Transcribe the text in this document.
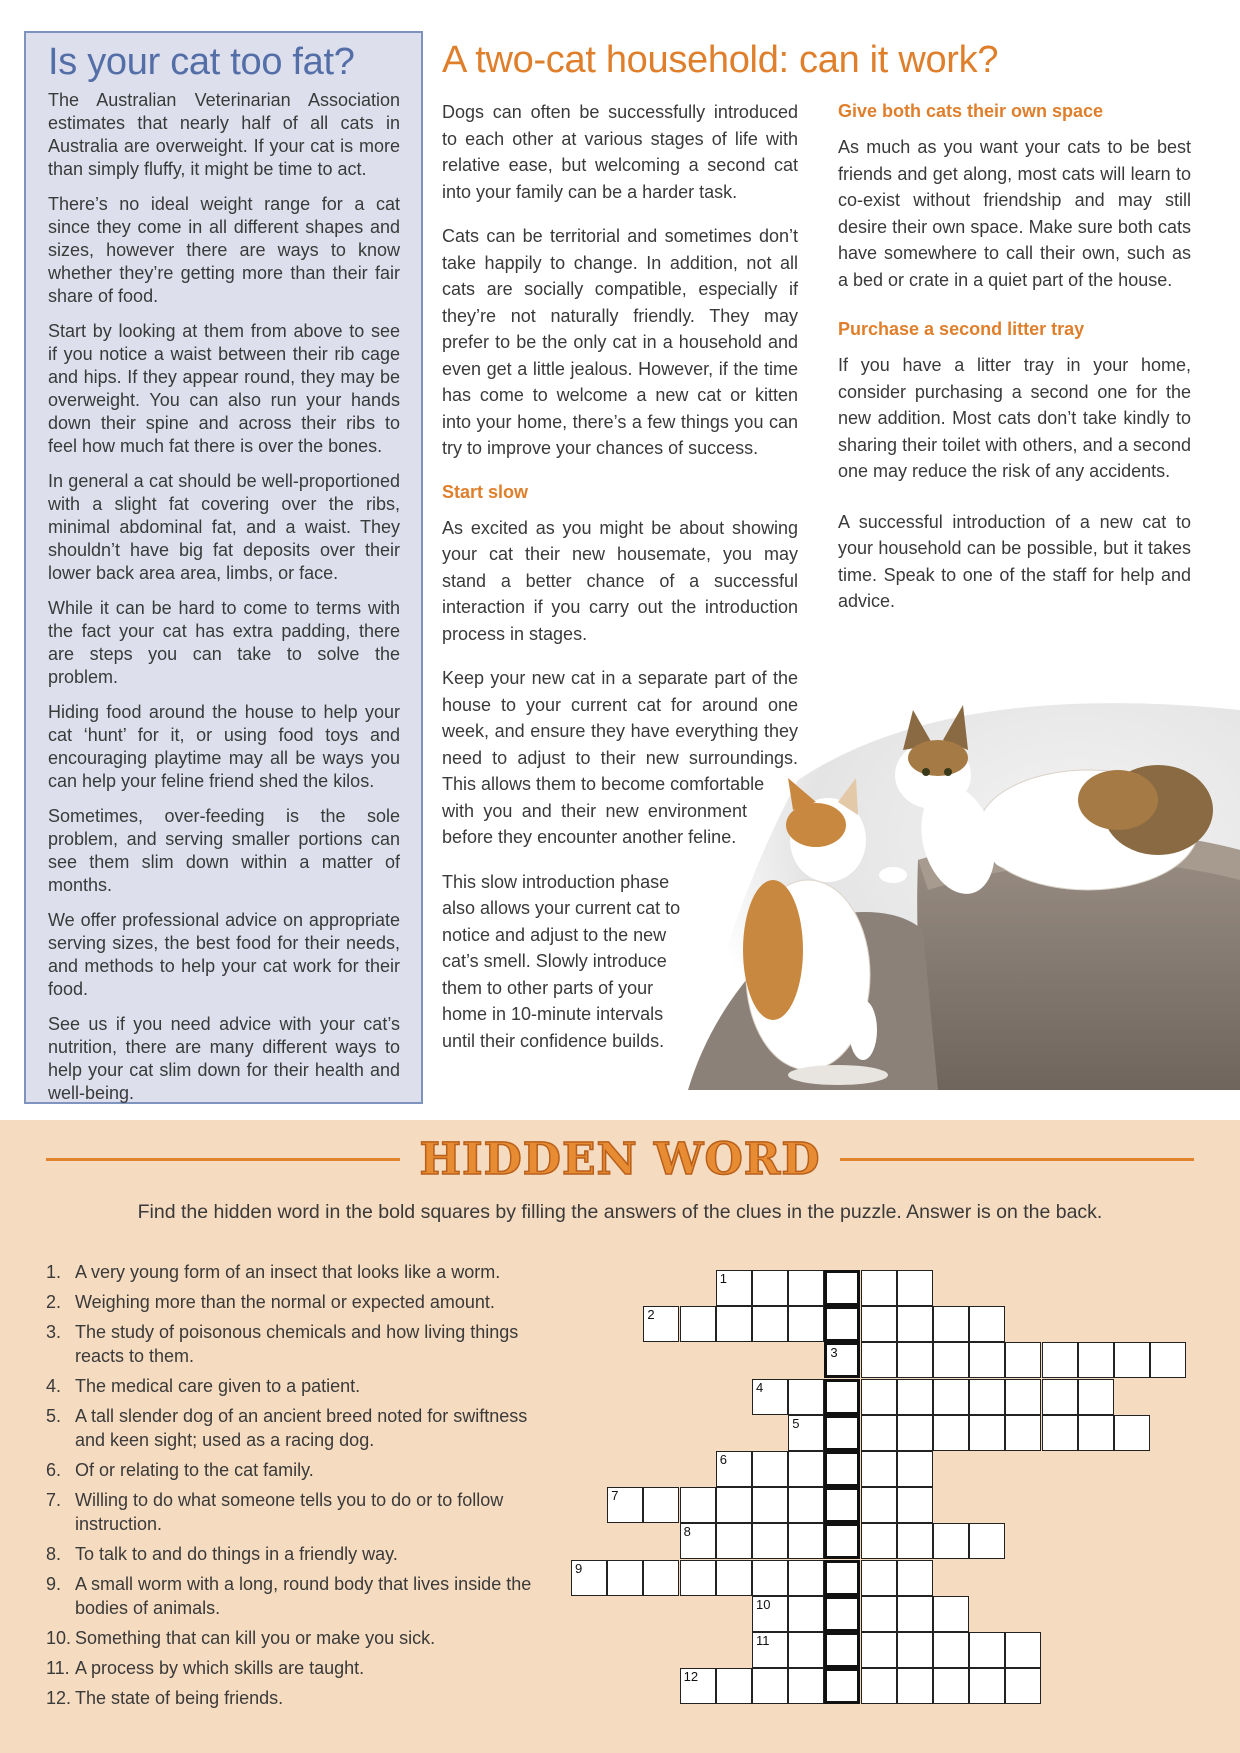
Is your cat too fat?

The Australian Veterinarian Association estimates that nearly half of all cats in Australia are overweight. If your cat is more than simply fluffy, it might be time to act.

There’s no ideal weight range for a cat since they come in all different shapes and sizes, however there are ways to know whether they’re getting more than their fair share of food.

Start by looking at them from above to see if you notice a waist between their rib cage and hips. If they appear round, they may be overweight. You can also run your hands down their spine and across their ribs to feel how much fat there is over the bones.

In general a cat should be well-proportioned with a slight fat covering over the ribs, minimal abdominal fat, and a waist. They shouldn’t have big fat deposits over their lower back area area, limbs, or face.

While it can be hard to come to terms with the fact your cat has extra padding, there are steps you can take to solve the problem.

Hiding food around the house to help your cat ‘hunt’ for it, or using food toys and encouraging playtime may all be ways you can help your feline friend shed the kilos.

Sometimes, over-feeding is the sole problem, and serving smaller portions can see them slim down within a matter of months.

We offer professional advice on appropriate serving sizes, the best food for their needs, and methods to help your cat work for their food.

See us if you need advice with your cat’s nutrition, there are many different ways to help your cat slim down for their health and well-being.

A two-cat household: can it work?

Dogs can often be successfully introduced to each other at various stages of life with relative ease, but welcoming a second cat into your family can be a harder task.

Cats can be territorial and sometimes don’t take happily to change. In addition, not all cats are socially compatible, especially if they’re not naturally friendly. They may prefer to be the only cat in a household and even get a little jealous. However, if the time has come to welcome a new cat or kitten into your home, there’s a few things you can try to improve your chances of success.

Start slow

As excited as you might be about showing your cat their new housemate, you may stand a better chance of a successful interaction if you carry out the introduction process in stages.

Keep your new cat in a separate part of the house to your current cat for around one week, and ensure they have everything they need to adjust to their new surroundings. This allows them to become comfortable

with you and their new environment before they encounter another feline.

This slow introduction phase also allows your current cat to notice and adjust to the new cat’s smell. Slowly introduce them to other parts of your home in 10-minute intervals until their confidence builds.

Give both cats their own space

As much as you want your cats to be best friends and get along, most cats will learn to co-exist without friendship and may still desire their own space. Make sure both cats have somewhere to call their own, such as a bed or crate in a quiet part of the house.

Purchase a second litter tray

If you have a litter tray in your home, consider purchasing a second one for the new addition. Most cats don’t take kindly to sharing their toilet with others, and a second one may reduce the risk of any accidents.

A successful introduction of a new cat to your household can be possible, but it takes time. Speak to one of the staff for help and advice.

HIDDEN WORD

Find the hidden word in the bold squares by filling the answers of the clues in the puzzle. Answer is on the back.

1. A very young form of an insect that looks like a worm.
2. Weighing more than the normal or expected amount.
3. The study of poisonous chemicals and how living things reacts to them.
4. The medical care given to a patient.
5. A tall slender dog of an ancient breed noted for swiftness and keen sight; used as a racing dog.
6. Of or relating to the cat family.
7. Willing to do what someone tells you to do or to follow instruction.
8. To talk to and do things in a friendly way.
9. A small worm with a long, round body that lives inside the bodies of animals.
10. Something that can kill you or make you sick.
11. A process by which skills are taught.
12. The state of being friends.
1
2
3
4
5
6
7
8
9
10
11
12
